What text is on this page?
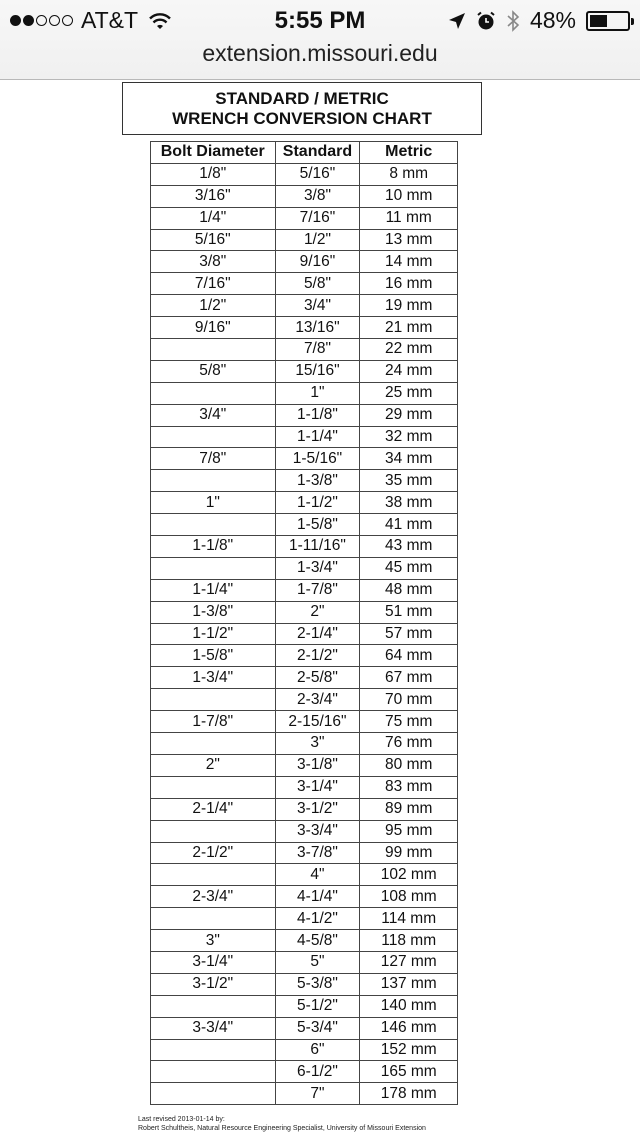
AT&T	5:55 PM	48%
extension.missouri.edu
STANDARD / METRIC
WRENCH CONVERSION CHART
Bolt Diameter	Standard	Metric
1/8"	5/16"	8 mm
3/16"	3/8"	10 mm
1/4"	7/16"	11 mm
5/16"	1/2"	13 mm
3/8"	9/16"	14 mm
7/16"	5/8"	16 mm
1/2"	3/4"	19 mm
9/16"	13/16"	21 mm
	7/8"	22 mm
5/8"	15/16"	24 mm
	1"	25 mm
3/4"	1-1/8"	29 mm
	1-1/4"	32 mm
7/8"	1-5/16"	34 mm
	1-3/8"	35 mm
1"	1-1/2"	38 mm
	1-5/8"	41 mm
1-1/8"	1-11/16"	43 mm
	1-3/4"	45 mm
1-1/4"	1-7/8"	48 mm
1-3/8"	2"	51 mm
1-1/2"	2-1/4"	57 mm
1-5/8"	2-1/2"	64 mm
1-3/4"	2-5/8"	67 mm
	2-3/4"	70 mm
1-7/8"	2-15/16"	75 mm
	3"	76 mm
2"	3-1/8"	80 mm
	3-1/4"	83 mm
2-1/4"	3-1/2"	89 mm
	3-3/4"	95 mm
2-1/2"	3-7/8"	99 mm
	4"	102 mm
2-3/4"	4-1/4"	108 mm
	4-1/2"	114 mm
3"	4-5/8"	118 mm
3-1/4"	5"	127 mm
3-1/2"	5-3/8"	137 mm
	5-1/2"	140 mm
3-3/4"	5-3/4"	146 mm
	6"	152 mm
	6-1/2"	165 mm
	7"	178 mm
Last revised 2013-01-14 by:
Robert Schultheis, Natural Resource Engineering Specialist, University of Missouri Extension
